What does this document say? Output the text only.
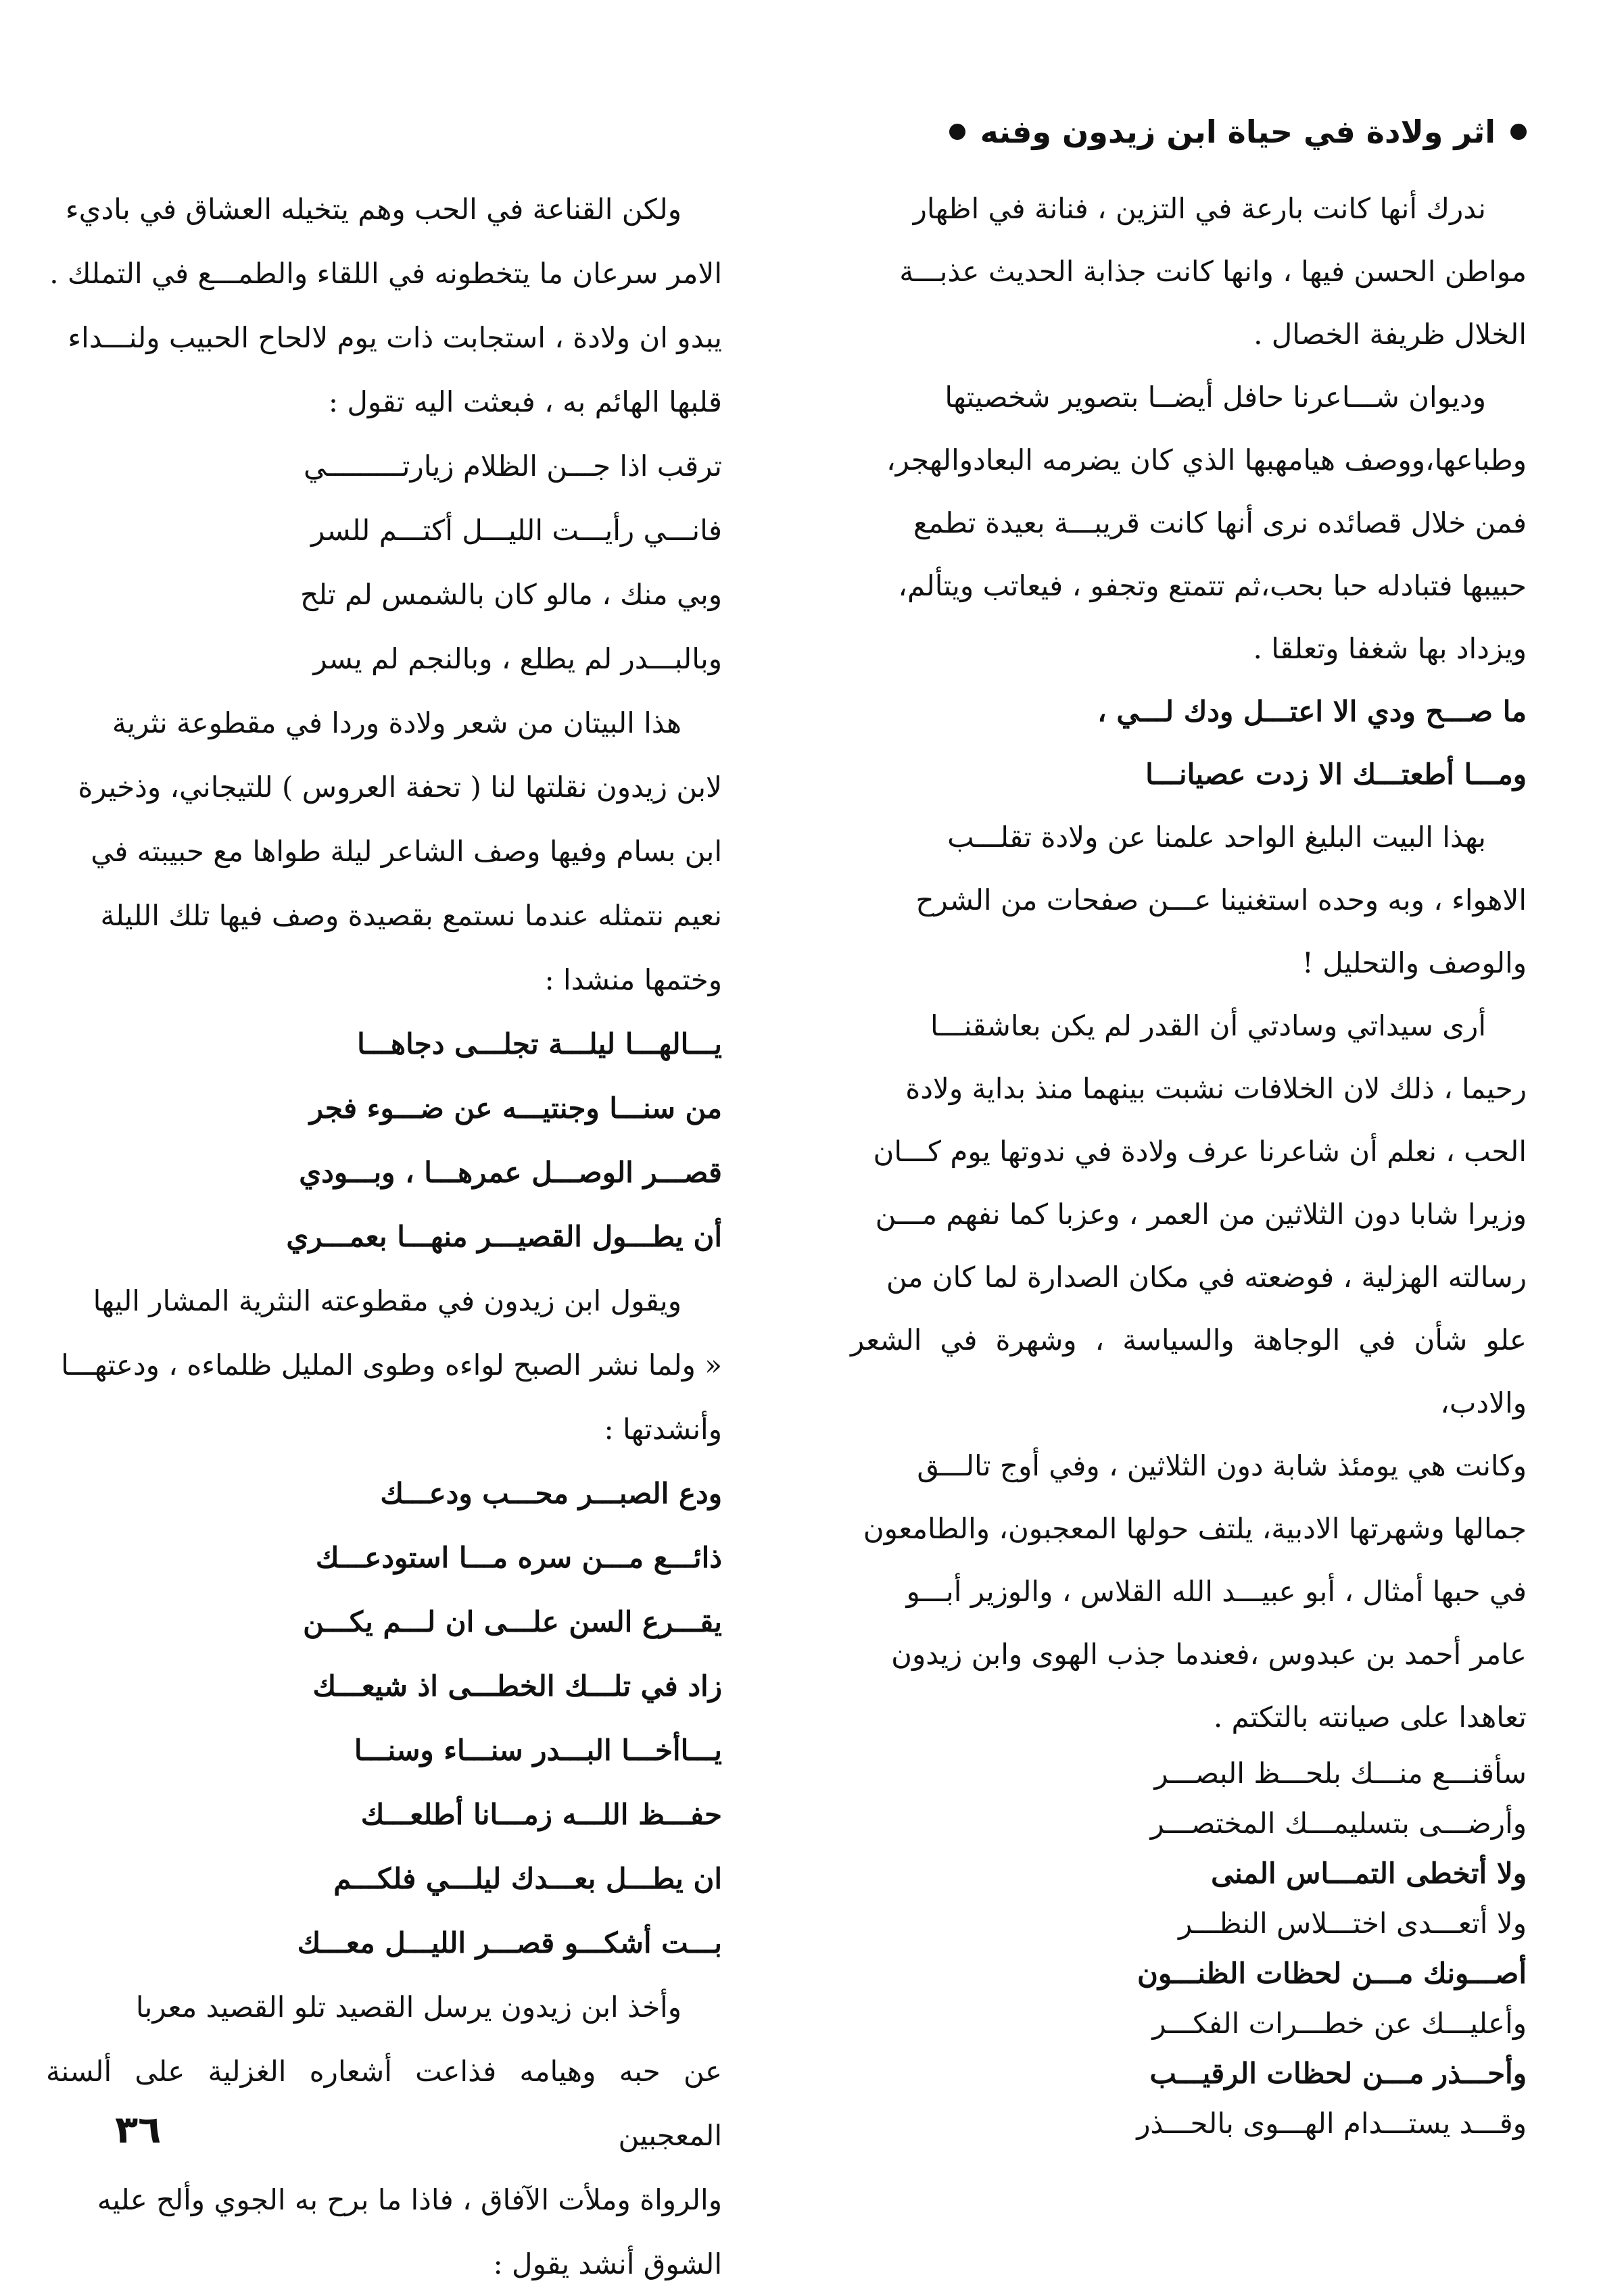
اثر ولادة في حياة ابن زيدون وفنه

ندرك أنها كانت بارعة في التزين ، فنانة في اظهار

مواطن الحسن فيها ، وانها كانت جذابة الحديث عذبـــة

الخلال ظريفة الخصال .

وديوان شـــاعرنا حافل أيضــا بتصوير شخصيتها

وطباعها،ووصف هيامهبها الذي كان يضرمه البعادوالهجر،

فمن خلال قصائده نرى أنها كانت قريبـــة بعيدة تطمع

حبيبها فتبادله حبا بحب،ثم تتمتع وتجفو ، فيعاتب ويتألم،

ويزداد بها شغفا وتعلقا .

ما صـــح ودي الا اعتـــل ودك لـــي ،

ومـــا أطعتـــك الا زدت عصيانـــا

بهذا البيت البليغ الواحد علمنا عن ولادة تقلـــب

الاهواء ، وبه وحده استغنينا عـــن صفحات من الشرح

والوصف والتحليل !

أرى سيداتي وسادتي أن القدر لم يكن بعاشقنـــا

رحيما ، ذلك لان الخلافات نشبت بينهما منذ بداية ولادة

الحب ، نعلم أن شاعرنا عرف ولادة في ندوتها يوم كـــان

وزيرا شابا دون الثلاثين من العمر ، وعزبا كما نفهم مـــن

رسالته الهزلية ، فوضعته في مكان الصدارة لما كان من

علو شأن في الوجاهة والسياسة ، وشهرة في الشعر والادب،

وكانت هي يومئذ شابة دون الثلاثين ، وفي أوج تالـــق

جمالها وشهرتها الادبية، يلتف حولها المعجبون، والطامعون

في حبها أمثال ، أبو عبيـــد الله القلاس ، والوزير أبـــو

عامر أحمد بن عبدوس ،فعندما جذب الهوى وابن زيدون

تعاهدا على صيانته بالتكتم .

سأقنـــع منـــك بلحـــظ البصـــر

وأرضـــى بتسليمـــك المختصـــر

ولا أتخطى التمـــاس المنى

ولا أتعـــدى اختـــلاس النظـــر

أصـــونك مـــن لحظات الظنـــون

وأعليـــك عن خطـــرات الفكـــر

وأحـــذر مـــن لحظات الرقيـــب

وقـــد يستـــدام الهـــوى بالحـــذر

ولكن القناعة في الحب وهم يتخيله العشاق في باديء

الامر سرعان ما يتخطونه في اللقاء والطمـــع في التملك .

يبدو ان ولادة ، استجابت ذات يوم لالحاح الحبيب ولنـــداء

قلبها الهائم به ، فبعثت اليه تقول :

ترقب اذا جـــن الظلام زيارتـــــــــي

فانـــي رأيـــت الليـــل أكتـــم للسر

وبي منك ، مالو كان بالشمس لم تلح

وبالبـــدر لم يطلع ، وبالنجم لم يسر

هذا البيتان من شعر ولادة وردا في مقطوعة نثرية

لابن زيدون نقلتها لنا ( تحفة العروس ) للتيجاني، وذخيرة

ابن بسام وفيها وصف الشاعر ليلة طواها مع حبيبته في

نعيم نتمثله عندما نستمع بقصيدة وصف فيها تلك الليلة

وختمها منشدا :

يـــالهـــا ليلـــة تجلـــى دجاهـــا

من سنـــا وجنتيـــه عن ضـــوء فجر

قصـــر الوصـــل عمرهـــا ، وبـــودي

أن يطـــول القصيـــر منهـــا بعمـــري

ويقول ابن زيدون في مقطوعته النثرية المشار اليها

« ولما نشر الصبح لواءه وطوى المليل ظلماءه ، ودعتهـــا

وأنشدتها :

ودع الصبـــر محـــب ودعـــك

ذائـــع مـــن سره مـــا استودعـــك

يقـــرع السن علـــى ان لـــم يكـــن

زاد في تلـــك الخطـــى اذ شيعـــك

يـــاأخـــا البـــدر سنـــاء وسنـــا

حفـــظ اللـــه زمـــانا أطلعـــك

ان يطـــل بعـــدك ليلـــي فلكـــم

بـــت أشكـــو قصـــر الليـــل معـــك

وأخذ ابن زيدون يرسل القصيد تلو القصيد معربا

عن حبه وهيامه فذاعت أشعاره الغزلية على ألسنة المعجبين

والرواة وملأت الآفاق ، فاذا ما برح به الجوي وألح عليه

الشوق أنشد يقول :

٣٦
